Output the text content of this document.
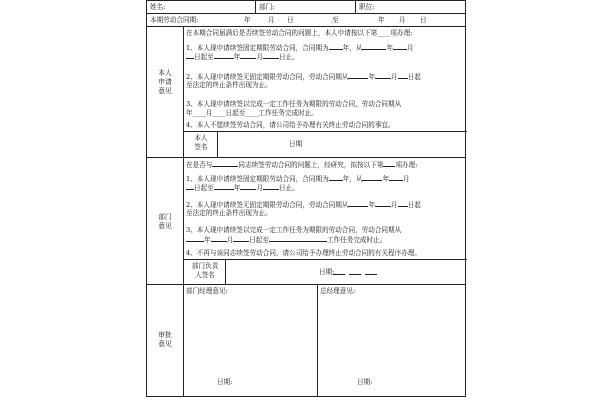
姓名:	部门:	职位:
本期劳动合同期:	年	月 日	至	年 月 日
本人
申请
意见
在本期合同届满后是否续签劳动合同的问题上，本人申请按以下第____项办理:
1、本人现申请续签固定期限劳动合同，合同期为 年，从	年 月
日起至	年 月 日止。
2、本人现申请续签无固定期限劳动合同，劳动合同期从	年 月 日起
至法定的终止条件出现为止。
3、本人现申请续签以完成一定工作任务为期限的劳动合同，劳动合同期从
年____月____日起至____工作任务完成时止。
4、本人不愿续签劳动合同，请公司给予办理有关终止劳动合同的事宜。
本人
签名	日期
部门
意见
在是否与	同志续签劳动合同的问题上，经研究，拟按以下第 项办理:
1、本人现申请续签固定期限劳动合同，合同期为 年，从	年 月
日起至	年 月 日止。
2、本人现申请续签无固定期限劳动合同，劳动合同期从	年 月 日起
至法定的终止条件出现为止。
3、本人现申请续签以完成一定工作任务为期限的劳动合同，劳动合同期从
年 月 日起至	工作任务完成时止。
4、不再与该同志续签劳动合同，请公司给予办理终止劳动合同的有关程序办理。
部门负责
人签名	日期:
审批
意见
部门经理意见:	总经理意见:
日期:	日期:
